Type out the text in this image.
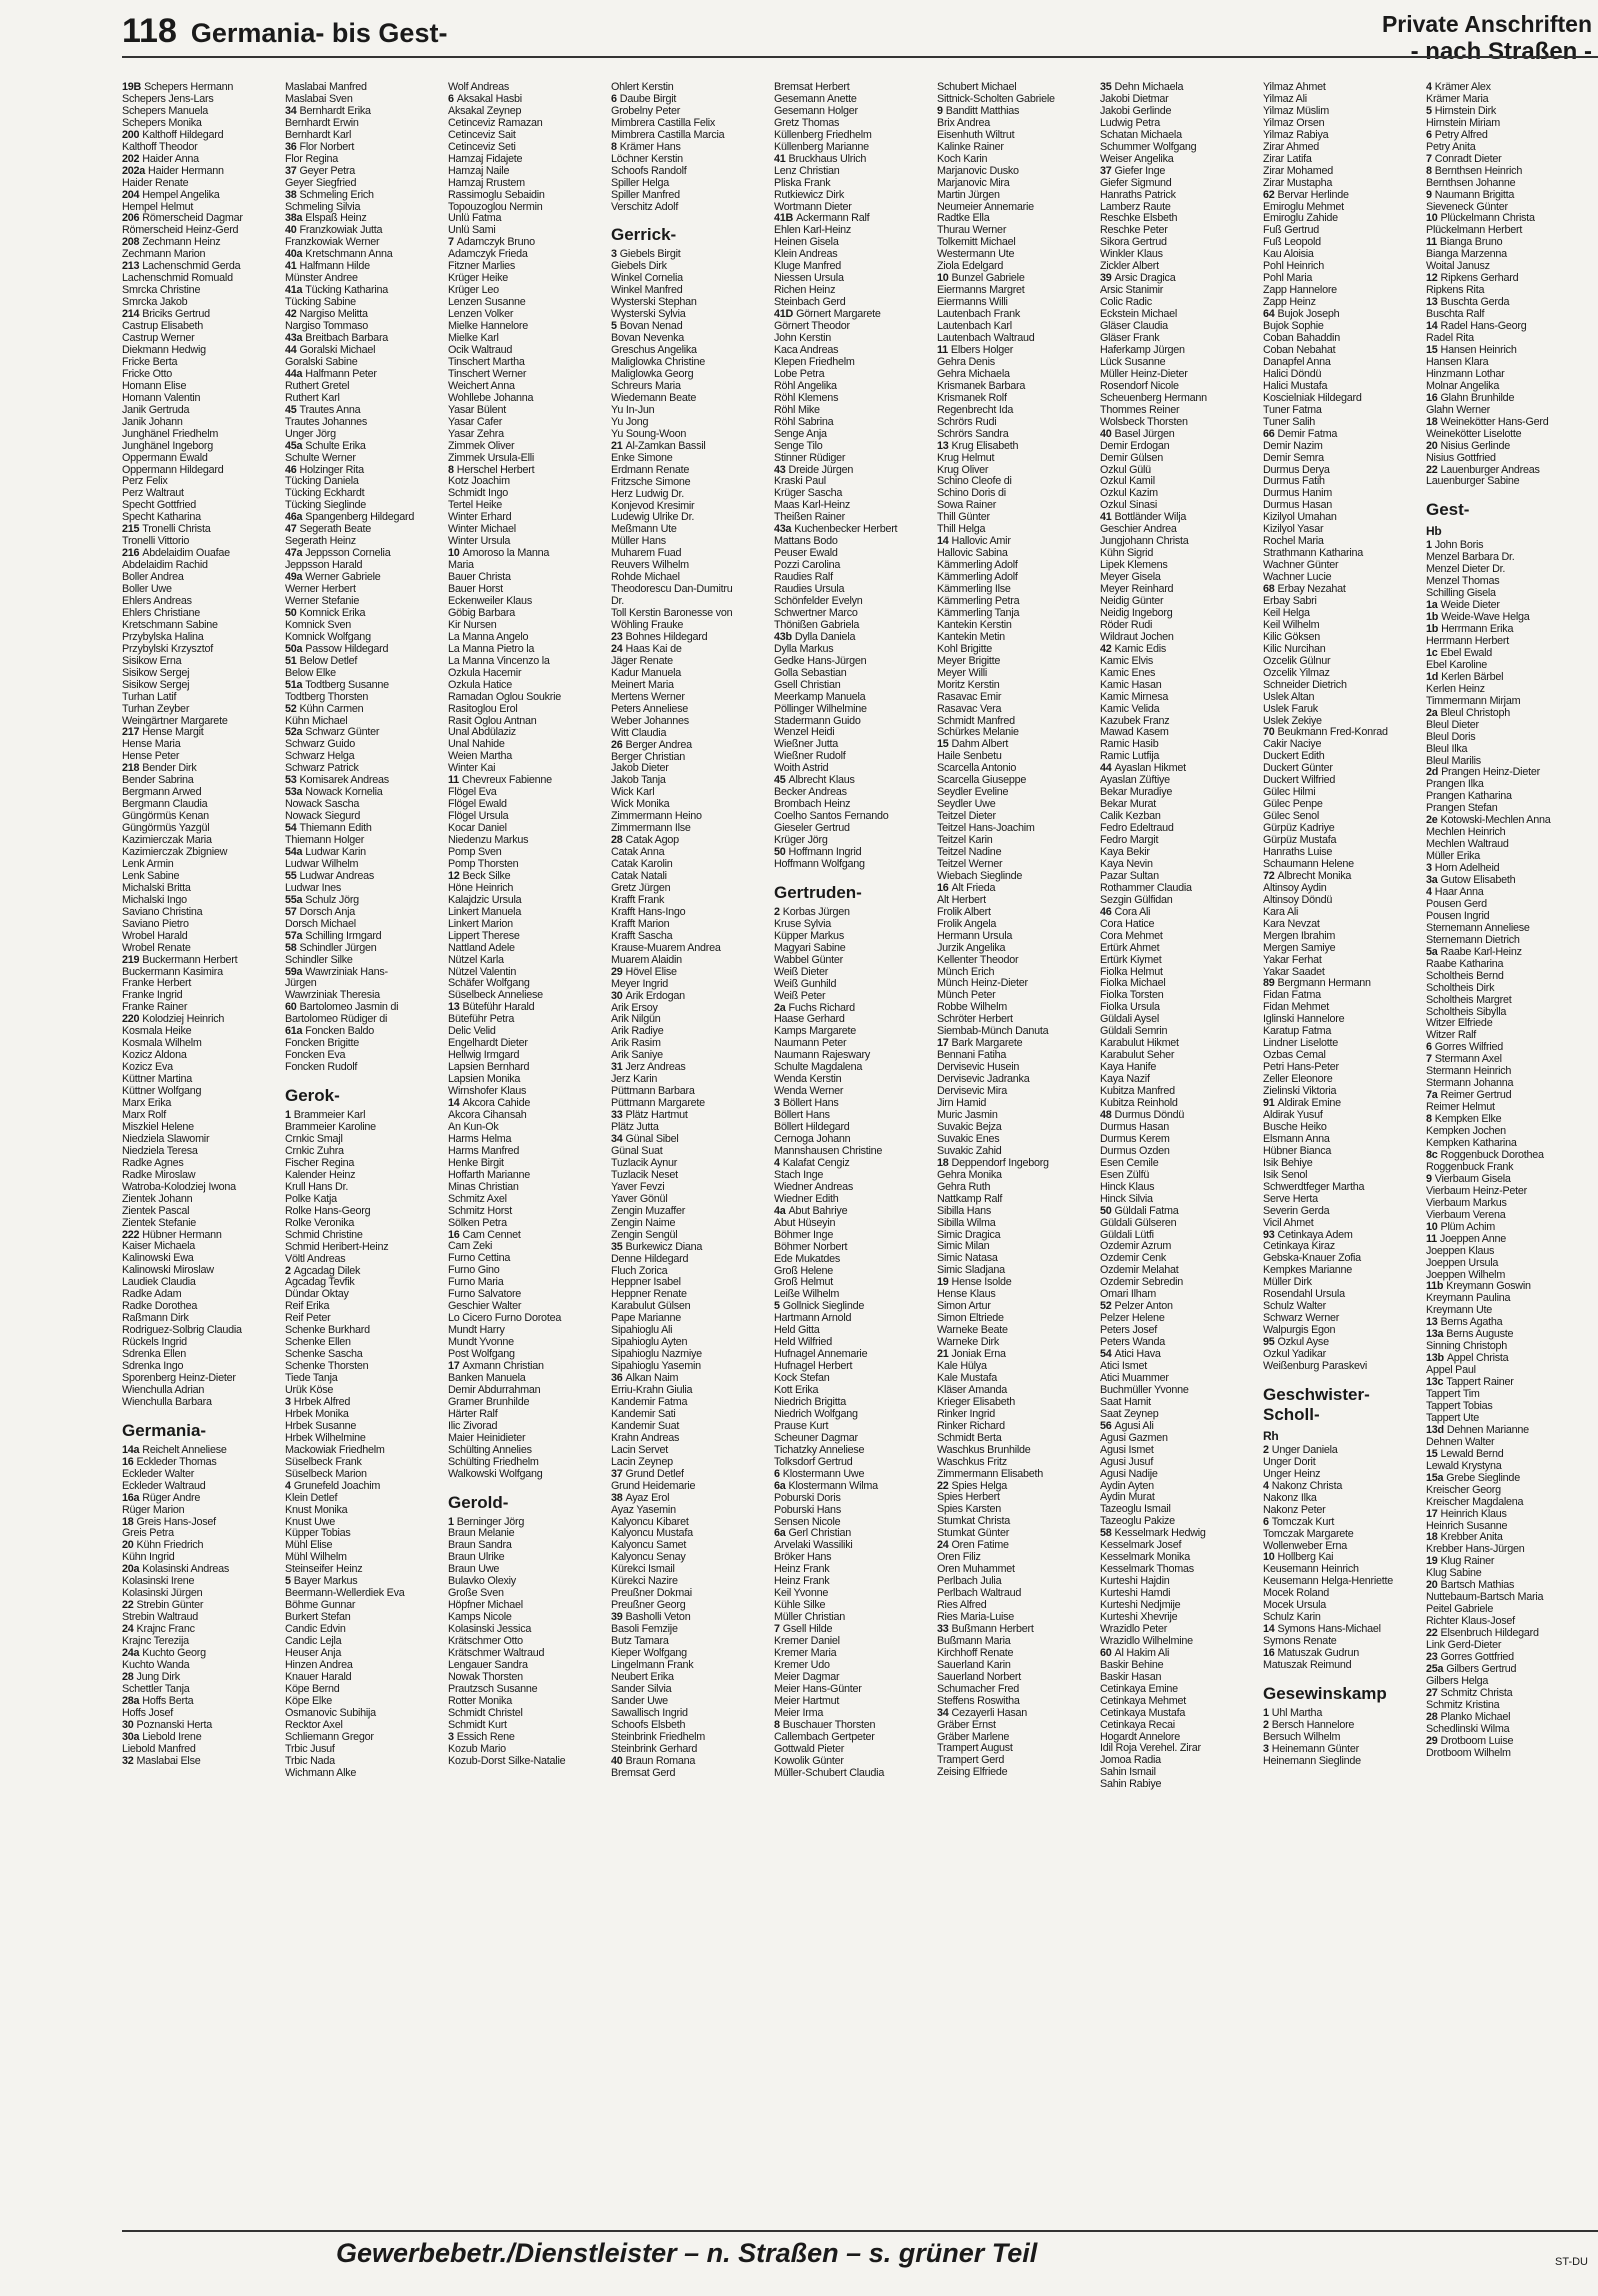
118 Germania- bis Gest-	Private Anschriften
- nach Straßen -
19B Schepers Hermann
Schepers Jens-Lars
Schepers Manuela
Schepers Monika
200 Kalthoff Hildegard
Kalthoff Theodor
202 Haider Anna
202a Haider Hermann
Haider Renate
204 Hempel Angelika
Hempel Helmut
206 Römerscheid Dagmar
Römerscheid Heinz-Gerd
208 Zechmann Heinz
Zechmann Marion
213 Lachenschmid Gerda
Lachenschmid Romuald
Smrcka Christine
Smrcka Jakob
214 Briciks Gertrud
Castrup Elisabeth
Castrup Werner
Diekmann Hedwig
Fricke Berta
Fricke Otto
Homann Elise
Homann Valentin
Janik Gertruda
Janik Johann
Junghänel Friedhelm
Junghänel Ingeborg
Oppermann Ewald
Oppermann Hildegard
Perz Felix
Perz Waltraut
Specht Gottfried
Specht Katharina
215 Tronelli Christa
Tronelli Vittorio
216 Abdelaidim Ouafae
Abdelaidim Rachid
Boller Andrea
Boller Uwe
Ehlers Andreas
Ehlers Christiane
Kretschmann Sabine
Przybylska Halina
Przybylski Krzysztof
Sisikow Erna
Sisikow Sergej
Sisikow Sergej
Turhan Latif
Turhan Zeyber
Weingärtner Margarete
217 Hense Margit
Hense Maria
Hense Peter
218 Bender Dirk
Bender Sabrina
Bergmann Arwed
Bergmann Claudia
Güngörmüs Kenan
Güngörmüs Yazgül
Kazimierczak Maria
Kazimierczak Zbigniew
Lenk Armin
Lenk Sabine
Michalski Britta
Michalski Ingo
Saviano Christina
Saviano Pietro
Wrobel Harald
Wrobel Renate
219 Buckermann Herbert
Buckermann Kasimira
Franke Herbert
Franke Ingrid
Franke Rainer
220 Kolodziej Heinrich
Kosmala Heike
Kosmala Wilhelm
Kozicz Aldona
Kozicz Eva
Küttner Martina
Küttner Wolfgang
Marx Erika
Marx Rolf
Miszkiel Helene
Niedziela Slawomir
Niedziela Teresa
Radke Agnes
Radke Miroslaw
Watroba-Kolodziej Iwona
Zientek Johann
Zientek Pascal
Zientek Stefanie
222 Hübner Hermann
Kaiser Michaela
Kalinowski Ewa
Kalinowski Miroslaw
Laudiek Claudia
Radke Adam
Radke Dorothea
Raßmann Dirk
Rodriguez-Solbrig Claudia
Rückels Ingrid
Sdrenka Ellen
Sdrenka Ingo
Sporenberg Heinz-Dieter
Wienchulla Adrian
Wienchulla Barbara
Germania-
14a Reichelt Anneliese
16 Eckleder Thomas
Eckleder Walter
Eckleder Waltraud
16a Rüger Andre
Rüger Marion
18 Greis Hans-Josef
Greis Petra
20 Kühn Friedrich
Kühn Ingrid
20a Kolasinski Andreas
Kolasinski Irene
Kolasinski Jürgen
22 Strebin Günter
Strebin Waltraud
24 Krajnc Franc
Krajnc Terezija
24a Kuchto Georg
Kuchto Wanda
28 Jung Dirk
Schettler Tanja
28a Hoffs Berta
Hoffs Josef
30 Poznanski Herta
30a Liebold Irene
Liebold Manfred
32 Maslabai Else
Maslabai Manfred
Maslabai Sven
34 Bernhardt Erika
Bernhardt Erwin
Bernhardt Karl
36 Flor Norbert
Flor Regina
37 Geyer Petra
Geyer Siegfried
38 Schmeling Erich
Schmeling Silvia
38a Elspaß Heinz
40 Franzkowiak Jutta
Franzkowiak Werner
40a Kretschmann Anna
41 Halfmann Hilde
Münster Andree
41a Tücking Katharina
Tücking Sabine
42 Nargiso Melitta
Nargiso Tommaso
43a Breitbach Barbara
44 Goralski Michael
Goralski Sabine
44a Halfmann Peter
Ruthert Gretel
Ruthert Karl
45 Trautes Anna
Trautes Johannes
Unger Jörg
45a Schulte Erika
Schulte Werner
46 Holzinger Rita
Tücking Daniela
Tücking Eckhardt
Tücking Sieglinde
46a Spangenberg Hildegard
47 Segerath Beate
Segerath Heinz
47a Jeppsson Cornelia
Jeppsson Harald
49a Werner Gabriele
Werner Herbert
Werner Stefanie
50 Komnick Erika
Komnick Sven
Komnick Wolfgang
50a Passow Hildegard
51 Below Detlef
Below Elke
51a Todtberg Susanne
Todtberg Thorsten
52 Kühn Carmen
Kühn Michael
52a Schwarz Günter
Schwarz Guido
Schwarz Helga
Schwarz Patrick
53 Komisarek Andreas
53a Nowack Kornelia
Nowack Sascha
Nowack Siegurd
54 Thiemann Edith
Thiemann Holger
54a Ludwar Karin
Ludwar Wilhelm
55 Ludwar Andreas
Ludwar Ines
55a Schulz Jörg
57 Dorsch Anja
Dorsch Michael
57a Schilling Irmgard
58 Schindler Jürgen
Schindler Silke
59a Wawrziniak Hans-
Jürgen
Wawrziniak Theresia
60 Bartolomeo Jasmin di
Bartolomeo Rüdiger di
61a Foncken Baldo
Foncken Brigitte
Foncken Eva
Foncken Rudolf
Gerok-
1 Brammeier Karl
Brammeier Karoline
Crnkic Smajl
Crnkic Zuhra
Fischer Regina
Kalender Heinz
Krull Hans Dr.
Polke Katja
Rolke Hans-Georg
Rolke Veronika
Schmid Christine
Schmid Heribert-Heinz
Völtl Andreas
2 Agcadag Dilek
Agcadag Tevfik
Dündar Oktay
Reif Erika
Reif Peter
Schenke Burkhard
Schenke Ellen
Schenke Sascha
Schenke Thorsten
Tiede Tanja
Ürük Köse
3 Hrbek Alfred
Hrbek Monika
Hrbek Susanne
Hrbek Wilhelmine
Mackowiak Friedhelm
Süselbeck Frank
Süselbeck Marion
4 Grunefeld Joachim
Klein Detlef
Knust Monika
Knust Uwe
Küpper Tobias
Mühl Elise
Mühl Wilhelm
Steinseifer Heinz
5 Bayer Markus
Beermann-Wellerdiek Eva
Böhme Gunnar
Burkert Stefan
Candic Edvin
Candic Lejla
Heuser Anja
Hinzen Andrea
Knauer Harald
Köpe Bernd
Köpe Elke
Osmanovic Subihija
Recktor Axel
Schliemann Gregor
Trbic Jusuf
Trbic Nada
Wichmann Alke
Wolf Andreas
6 Aksakal Hasbi
Aksakal Zeynep
Cetinceviz Ramazan
Cetinceviz Sait
Cetinceviz Seti
Hamzaj Fidajete
Hamzaj Naile
Hamzaj Rrustem
Rassimoglu Sebaidin
Topouzoglou Nermin
Ünlü Fatma
Ünlü Sami
7 Adamczyk Bruno
Adamczyk Frieda
Fitzner Marlies
Krüger Heike
Krüger Leo
Lenzen Susanne
Lenzen Volker
Mielke Hannelore
Mielke Karl
Ocik Waltraud
Tinschert Martha
Tinschert Werner
Weichert Anna
Wohllebe Johanna
Yasar Bülent
Yasar Cafer
Yasar Zehra
Zimmek Oliver
Zimmek Ursula-Elli
8 Herschel Herbert
Kotz Joachim
Schmidt Ingo
Tertel Heike
Winter Erhard
Winter Michael
Winter Ursula
10 Amoroso la Manna
Maria
Bauer Christa
Bauer Horst
Eckenweiler Klaus
Göbig Barbara
Kir Nursen
La Manna Angelo
La Manna Pietro la
La Manna Vincenzo la
Özkula Hacemir
Özkula Hatice
Ramadan Oglou Soukrie
Rasitoglou Erol
Rasit Oglou Antnan
Ünal Abdülaziz
Ünal Nahide
Weien Martha
Winter Kai
11 Chevreux Fabienne
Flögel Eva
Flögel Ewald
Flögel Ursula
Kocar Daniel
Niedenzu Markus
Pomp Sven
Pomp Thorsten
12 Beck Silke
Höne Heinrich
Kalajdzic Ursula
Linkert Manuela
Linkert Marion
Lippert Therese
Nattland Adele
Nützel Karla
Nützel Valentin
Schäfer Wolfgang
Süselbeck Anneliese
13 Büteführ Harald
Büteführ Petra
Delic Velid
Engelhardt Dieter
Hellwig Irmgard
Lapsien Bernhard
Lapsien Monika
Wirnshofer Klaus
14 Akcora Cahide
Akcora Cihansah
An Kun-Ok
Harms Helma
Harms Manfred
Henke Birgit
Hoffarth Marianne
Minas Christian
Schmitz Axel
Schmitz Horst
Sölken Petra
16 Cam Cennet
Cam Zeki
Furno Cettina
Furno Gino
Furno Maria
Furno Salvatore
Geschier Walter
Lo Cicero Furno Dorotea
Mundt Harry
Mundt Yvonne
Post Wolfgang
17 Axmann Christian
Banken Manuela
Demir Abdurrahman
Gramer Brunhilde
Härter Ralf
Ilic Zivorad
Maier Heinidieter
Schülting Annelies
Schülting Friedhelm
Walkowski Wolfgang
Gerold-
1 Berninger Jörg
Braun Melanie
Braun Sandra
Braun Ulrike
Braun Uwe
Bulavko Olexiy
Große Sven
Höpfner Michael
Kamps Nicole
Kolasinski Jessica
Krätschmer Otto
Krätschmer Waltraud
Lengauer Sandra
Nowak Thorsten
Prautzsch Susanne
Rotter Monika
Schmidt Christel
Schmidt Kurt
3 Essich Rene
Kozub Mario
Kozub-Dorst Silke-Natalie
Ohlert Kerstin
6 Daube Birgit
Grobelny Peter
Mimbrera Castilla Felix
Mimbrera Castilla Marcia
8 Krämer Hans
Löchner Kerstin
Schoofs Randolf
Spiller Helga
Spiller Manfred
Verschitz Adolf
Gerrick-
3 Giebels Birgit
Giebels Dirk
Winkel Cornelia
Winkel Manfred
Wysterski Stephan
Wysterski Sylvia
5 Bovan Nenad
Bovan Nevenka
Greschus Angelika
Maliglowka Christine
Maliglowka Georg
Schreurs Maria
Wiedemann Beate
Yu In-Jun
Yu Jong
Yu Soung-Woon
21 Al-Zamkan Bassil
Enke Simone
Erdmann Renate
Fritzsche Simone
Herz Ludwig Dr.
Konjevod Kresimir
Ludewig Ulrike Dr.
Meßmann Ute
Müller Hans
Muharem Fuad
Reuvers Wilhelm
Rohde Michael
Theodorescu Dan-Dumitru
Dr.
Toll Kerstin Baronesse von
Wöhling Frauke
23 Bohnes Hildegard
24 Haas Kai de
Jäger Renate
Kadur Manuela
Meinert Maria
Mertens Werner
Peters Anneliese
Weber Johannes
Witt Claudia
26 Berger Andrea
Berger Christian
Jakob Dieter
Jakob Tanja
Wick Karl
Wick Monika
Zimmermann Heino
Zimmermann Ilse
28 Catak Agop
Catak Anna
Catak Karolin
Catak Natali
Gretz Jürgen
Krafft Frank
Krafft Hans-Ingo
Krafft Marion
Krafft Sascha
Krause-Muarem Andrea
Muarem Alaidin
29 Hövel Elise
Meyer Ingrid
30 Arik Erdogan
Arik Ersoy
Arik Nilgün
Arik Radiye
Arik Rasim
Arik Saniye
31 Jerz Andreas
Jerz Karin
Püttmann Barbara
Püttmann Margarete
33 Plätz Hartmut
Plätz Jutta
34 Günal Sibel
Günal Suat
Tuzlacik Aynur
Tuzlacik Neset
Yaver Fevzi
Yaver Gönül
Zengin Muzaffer
Zengin Naime
Zengin Sengül
35 Burkewicz Diana
Denne Hildegard
Fluch Zorica
Heppner Isabel
Heppner Renate
Karabulut Gülsen
Pape Marianne
Sipahioglu Ali
Sipahioglu Ayten
Sipahioglu Nazmiye
Sipahioglu Yasemin
36 Alkan Naim
Erriu-Krahn Giulia
Kandemir Fatma
Kandemir Sati
Kandemir Suat
Krahn Andreas
Lacin Servet
Lacin Zeynep
37 Grund Detlef
Grund Heidemarie
38 Ayaz Erol
Ayaz Yasemin
Kalyoncu Kibaret
Kalyoncu Mustafa
Kalyoncu Samet
Kalyoncu Senay
Kürekci Ismail
Kürekci Nazire
Preußner Dokmai
Preußner Georg
39 Basholli Veton
Basoli Femzije
Butz Tamara
Kieper Wolfgang
Lingelmann Frank
Neubert Erika
Sander Silvia
Sander Uwe
Sawallisch Ingrid
Schoofs Elsbeth
Steinbrink Friedhelm
Steinbrink Gerhard
40 Braun Romana
Bremsat Gerd
Bremsat Herbert
Gesemann Anette
Gesemann Holger
Gretz Thomas
Küllenberg Friedhelm
Küllenberg Marianne
41 Bruckhaus Ulrich
Lenz Christian
Pliska Frank
Rutkiewicz Dirk
Wortmann Dieter
41B Ackermann Ralf
Ehlen Karl-Heinz
Heinen Gisela
Klein Andreas
Kluge Manfred
Niessen Ursula
Richen Heinz
Steinbach Gerd
41D Görnert Margarete
Görnert Theodor
John Kerstin
Kaca Andreas
Klepen Friedhelm
Lobe Petra
Röhl Angelika
Röhl Klemens
Röhl Mike
Röhl Sabrina
Senge Anja
Senge Tilo
Stinner Rüdiger
43 Dreide Jürgen
Kraski Paul
Krüger Sascha
Maas Karl-Heinz
Theißen Rainer
43a Kuchenbecker Herbert
Mattans Bodo
Peuser Ewald
Pozzi Carolina
Raudies Ralf
Raudies Ursula
Schönfelder Evelyn
Schwertner Marco
Thönißen Gabriela
43b Dylla Daniela
Dylla Markus
Gedke Hans-Jürgen
Golla Sebastian
Gsell Christian
Meerkamp Manuela
Pöllinger Wilhelmine
Stadermann Guido
Wenzel Heidi
Wießner Jutta
Wießner Rudolf
Woith Astrid
45 Albrecht Klaus
Becker Andreas
Brombach Heinz
Coelho Santos Fernando
Gieseler Gertrud
Krüger Jörg
50 Hoffmann Ingrid
Hoffmann Wolfgang
Gertruden-
2 Korbas Jürgen
Kruse Sylvia
Küpper Markus
Magyari Sabine
Wabbel Günter
Weiß Dieter
Weiß Gunhild
Weiß Peter
2a Fuchs Richard
Haase Gerhard
Kamps Margarete
Naumann Peter
Naumann Rajeswary
Schulte Magdalena
Wenda Kerstin
Wenda Werner
3 Böllert Hans
Böllert Hans
Böllert Hildegard
Cernoga Johann
Mannshausen Christine
4 Kalafat Cengiz
Stach Inge
Wiedner Andreas
Wiedner Edith
4a Abut Bahriye
Abut Hüseyin
Böhmer Inge
Böhmer Norbert
Ede Mukatdes
Groß Helene
Groß Helmut
Leiße Wilhelm
5 Gollnick Sieglinde
Hartmann Arnold
Held Gitta
Held Wilfried
Hufnagel Annemarie
Hufnagel Herbert
Kock Stefan
Kott Erika
Niedrich Brigitta
Niedrich Wolfgang
Prause Kurt
Scheuner Dagmar
Tichatzky Anneliese
Tolksdorf Gertrud
6 Klostermann Uwe
6a Klostermann Wilma
Poburski Doris
Poburski Hans
Sensen Nicole
6a Gerl Christian
Arvelaki Wassiliki
Bröker Hans
Heinz Frank
Heinz Frank
Keil Yvonne
Kühle Silke
Müller Christian
7 Gsell Hilde
Kremer Daniel
Kremer Maria
Kremer Udo
Meier Dagmar
Meier Hans-Günter
Meier Hartmut
Meier Irma
8 Buschauer Thorsten
Callembach Gertpeter
Gottwald Pieter
Kowolik Günter
Müller-Schubert Claudia
Schubert Michael
Sittnick-Scholten Gabriele
9 Banditt Matthias
Brix Andrea
Eisenhuth Wiltrut
Kalinke Rainer
Koch Karin
Marjanovic Dusko
Marjanovic Mira
Martin Jürgen
Neumeier Annemarie
Radtke Ella
Thurau Werner
Tolkemitt Michael
Westermann Ute
Ziola Edelgard
10 Bunzel Gabriele
Eiermanns Margret
Eiermanns Willi
Lautenbach Frank
Lautenbach Karl
Lautenbach Waltraud
11 Elbers Holger
Gehra Denis
Gehra Michaela
Krismanek Barbara
Krismanek Rolf
Regenbrecht Ida
Schrörs Rudi
Schrörs Sandra
13 Krug Elisabeth
Krug Helmut
Krug Oliver
Schino Cleofe di
Schino Doris di
Sowa Rainer
Thill Günter
Thill Helga
14 Hallovic Amir
Hallovic Sabina
Kämmerling Adolf
Kämmerling Adolf
Kämmerling Ilse
Kämmerling Petra
Kämmerling Tanja
Kantekin Kerstin
Kantekin Metin
Kohl Brigitte
Meyer Brigitte
Meyer Willi
Moritz Kerstin
Rasavac Emir
Rasavac Vera
Schmidt Manfred
Schürkes Melanie
15 Dahm Albert
Haile Senbetu
Scarcella Antonio
Scarcella Giuseppe
Seydler Eveline
Seydler Uwe
Teitzel Dieter
Teitzel Hans-Joachim
Teitzel Karin
Teitzel Nadine
Teitzel Werner
Wiebach Sieglinde
16 Alt Frieda
Alt Herbert
Frolik Albert
Frolik Angela
Hermann Ursula
Jurzik Angelika
Kellenter Theodor
Münch Erich
Münch Heinz-Dieter
Münch Peter
Robbe Wilhelm
Schröter Herbert
Siembab-Münch Danuta
17 Bark Margarete
Bennani Fatiha
Dervisevic Husein
Dervisevic Jadranka
Dervisevic Mira
Jirn Hamid
Muric Jasmin
Suvakic Bejza
Suvakic Enes
Suvakic Zahid
18 Deppendorf Ingeborg
Gehra Monika
Gehra Ruth
Nattkamp Ralf
Sibilla Hans
Sibilla Wilma
Simic Dragica
Simic Milan
Simic Natasa
Simic Sladjana
19 Hense Isolde
Hense Klaus
Simon Artur
Simon Eltriede
Warneke Beate
Warneke Dirk
21 Joniak Erna
Kale Hülya
Kale Mustafa
Kläser Amanda
Krieger Elisabeth
Rinker Ingrid
Rinker Richard
Schmidt Berta
Waschkus Brunhilde
Waschkus Fritz
Zimmermann Elisabeth
22 Spies Helga
Spies Herbert
Spies Karsten
Stumkat Christa
Stumkat Günter
24 Oren Fatime
Oren Filiz
Oren Muhammet
Perlbach Julia
Perlbach Waltraud
Ries Alfred
Ries Maria-Luise
33 Bußmann Herbert
Bußmann Maria
Kirchhoff Renate
Sauerland Karin
Sauerland Norbert
Schumacher Fred
Steffens Roswitha
34 Cezayerli Hasan
Gräber Ernst
Gräber Marlene
Trampert August
Trampert Gerd
Zeising Elfriede
35 Dehn Michaela
Jakobi Dietmar
Jakobi Gerlinde
Ludwig Petra
Schatan Michaela
Schummer Wolfgang
Weiser Angelika
37 Giefer Inge
Giefer Sigmund
Hanraths Patrick
Lamberz Raute
Reschke Elsbeth
Reschke Peter
Sikora Gertrud
Winkler Klaus
Zickler Albert
39 Arsic Dragica
Arsic Stanimir
Colic Radic
Eckstein Michael
Gläser Claudia
Gläser Frank
Haferkamp Jürgen
Lück Susanne
Müller Heinz-Dieter
Rosendorf Nicole
Scheuenberg Hermann
Thommes Reiner
Wolsbeck Thorsten
40 Basel Jürgen
Demir Erdogan
Demir Gülsen
Özkul Gülü
Özkul Kamil
Özkul Kazim
Özkul Sinasi
41 Bottländer Wilja
Geschier Andrea
Jungjohann Christa
Kühn Sigrid
Lipek Klemens
Meyer Gisela
Meyer Reinhard
Neidig Günter
Neidig Ingeborg
Röder Rudi
Wildraut Jochen
42 Kamic Edis
Kamic Elvis
Kamic Enes
Kamic Hasan
Kamic Mirnesa
Kamic Velida
Kazubek Franz
Mawad Kasem
Ramic Hasib
Ramic Lutfija
44 Ayaslan Hikmet
Ayaslan Züftiye
Bekar Muradiye
Bekar Murat
Calik Kezban
Fedro Edeltraud
Fedro Margit
Kaya Bekir
Kaya Nevin
Pazar Sultan
Rothammer Claudia
Sezgin Gülfidan
46 Cora Ali
Cora Hatice
Cora Mehmet
Ertürk Ahmet
Ertürk Kiymet
Fiolka Helmut
Fiolka Michael
Fiolka Torsten
Fiolka Ursula
Güldali Aysel
Güldali Semrin
Karabulut Hikmet
Karabulut Seher
Kaya Hanife
Kaya Nazif
Kubitza Manfred
Kubitza Reinhold
48 Durmus Döndü
Durmus Hasan
Durmus Kerem
Durmus Özden
Esen Cemile
Esen Zülfü
Hinck Klaus
Hinck Silvia
50 Güldali Fatma
Güldali Gülseren
Güldali Lütfi
Özdemir Azrum
Özdemir Cenk
Özdemir Melahat
Özdemir Sebredin
Omari Ilham
52 Pelzer Anton
Pelzer Helene
Peters Josef
Peters Wanda
54 Atici Hava
Atici Ismet
Atici Muammer
Buchmüller Yvonne
Saat Hamit
Saat Zeynep
56 Agusi Ali
Agusi Gazmen
Agusi Ismet
Agusi Jusuf
Agusi Nadije
Aydin Ayten
Aydin Murat
Tazeoglu Ismail
Tazeoglu Pakize
58 Kesselmark Hedwig
Kesselmark Josef
Kesselmark Monika
Kesselmark Thomas
Kurteshi Hajdin
Kurteshi Hamdi
Kurteshi Nedjmije
Kurteshi Xhevrije
Wrazidlo Peter
Wrazidlo Wilhelmine
60 Al Hakim Ali
Baskir Behine
Baskir Hasan
Cetinkaya Emine
Cetinkaya Mehmet
Cetinkaya Mustafa
Cetinkaya Recai
Hogardt Annelore
Idil Roja Verehel. Zirar
Jomoa Radia
Sahin Ismail
Sahin Rabiye
Yilmaz Ahmet
Yilmaz Ali
Yilmaz Müslim
Yilmaz Örsen
Yilmaz Rabiya
Zirar Ahmed
Zirar Latifa
Zirar Mohamed
Zirar Mustapha
62 Bervar Herlinde
Emiroglu Mehmet
Emiroglu Zahide
Fuß Gertrud
Fuß Leopold
Kau Aloisia
Pohl Heinrich
Pohl Maria
Zapp Hannelore
Zapp Heinz
64 Bujok Joseph
Bujok Sophie
Coban Bahaddin
Coban Nebahat
Danapfel Anna
Halici Döndü
Halici Mustafa
Koscielniak Hildegard
Tuner Fatma
Tuner Salih
66 Demir Fatma
Demir Nazim
Demir Semra
Durmus Derya
Durmus Fatih
Durmus Hanim
Durmus Hasan
Kizilyol Umahan
Kizilyol Yasar
Rochel Maria
Strathmann Katharina
Wachner Günter
Wachner Lucie
68 Erbay Nezahat
Erbay Sabri
Keil Helga
Keil Wilhelm
Kilic Göksen
Kilic Nurcihan
Özcelik Gülnur
Özcelik Yilmaz
Schneider Dietrich
Üslek Altan
Üslek Faruk
Üslek Zekiye
70 Beukmann Fred-Konrad
Cakir Naciye
Duckert Edith
Duckert Günter
Duckert Wilfried
Gülec Hilmi
Gülec Penpe
Gülec Senol
Gürpüz Kadriye
Gürpüz Mustafa
Hanraths Luise
Schaumann Helene
72 Albrecht Monika
Altinsoy Aydin
Altinsoy Döndü
Kara Ali
Kara Nevzat
Mergen Ibrahim
Mergen Samiye
Yakar Ferhat
Yakar Saadet
89 Bergmann Hermann
Fidan Fatma
Fidan Mehmet
Iglinski Hannelore
Karatup Fatma
Lindner Liselotte
Özbas Cemal
Petri Hans-Peter
Zeller Eleonore
Zielinski Viktoria
91 Aldirak Emine
Aldirak Yusuf
Busche Heiko
Elsmann Anna
Hübner Bianca
Isik Behiye
Isik Senol
Schwerdtfeger Martha
Serve Herta
Severin Gerda
Vicil Ahmet
93 Cetinkaya Adem
Cetinkaya Kiraz
Gebska-Knauer Zofia
Kempkes Marianne
Müller Dirk
Rosendahl Ursula
Schulz Walter
Schwarz Werner
Walpurgis Egon
95 Özkul Ayse
Özkul Yadikar
Weißenburg Paraskevi
Geschwister-Scholl-
Rh
2 Unger Daniela
Unger Dorit
Unger Heinz
4 Nakonz Christa
Nakonz Ilka
Nakonz Peter
6 Tomczak Kurt
Tomczak Margarete
Wollenweber Erna
10 Hollberg Kai
Keusemann Heinrich
Keusemann Helga-Henriette
Mocek Roland
Mocek Ursula
Schulz Karin
14 Symons Hans-Michael
Symons Renate
16 Matuszak Gudrun
Matuszak Reimund
Gesewinskamp
1 Uhl Martha
2 Bersch Hannelore
Bersuch Wilhelm
3 Heinemann Günter
Heinemann Sieglinde
4 Krämer Alex
Krämer Maria
5 Hirnstein Dirk
Hirnstein Miriam
6 Petry Alfred
Petry Anita
7 Conradt Dieter
8 Bernthsen Heinrich
Bernthsen Johanne
9 Naumann Brigitta
Sieveneck Günter
10 Plückelmann Christa
Plückelmann Herbert
11 Bianga Bruno
Bianga Marzenna
Woital Janusz
12 Ripkens Gerhard
Ripkens Rita
13 Buschta Gerda
Buschta Ralf
14 Radel Hans-Georg
Radel Rita
15 Hansen Heinrich
Hansen Klara
Hinzmann Lothar
Molnar Angelika
16 Glahn Brunhilde
Glahn Werner
18 Weinekötter Hans-Gerd
Weinekötter Liselotte
20 Nisius Gerlinde
Nisius Gottfried
22 Lauenburger Andreas
Lauenburger Sabine
Gest-
Hb
1 John Boris
Menzel Barbara Dr.
Menzel Dieter Dr.
Menzel Thomas
Schilling Gisela
1a Weide Dieter
1b Weide-Wave Helga
1b Herrmann Erika
Herrmann Herbert
1c Ebel Ewald
Ebel Karoline
1d Kerlen Bärbel
Kerlen Heinz
Timmermann Mirjam
2a Bleul Christoph
Bleul Dieter
Bleul Doris
Bleul Ilka
Bleul Marilis
2d Prangen Heinz-Dieter
Prangen Ilka
Prangen Katharina
Prangen Stefan
2e Kotowski-Mechlen Anna
Mechlen Heinrich
Mechlen Waltraud
Müller Erika
3 Horn Adelheid
3a Gutow Elisabeth
4 Haar Anna
Pousen Gerd
Pousen Ingrid
Sternemann Anneliese
Sternemann Dietrich
5a Raabe Karl-Heinz
Raabe Katharina
Scholtheis Bernd
Scholtheis Dirk
Scholtheis Margret
Scholtheis Sibylla
Witzer Elfriede
Witzer Ralf
6 Gorres Wilfried
7 Stermann Axel
Stermann Heinrich
Stermann Johanna
7a Reimer Gertrud
Reimer Helmut
8 Kempken Elke
Kempken Jochen
Kempken Katharina
8c Roggenbuck Dorothea
Roggenbuck Frank
9 Vierbaum Gisela
Vierbaum Heinz-Peter
Vierbaum Markus
Vierbaum Verena
10 Plüm Achim
11 Joeppen Anne
Joeppen Klaus
Joeppen Ursula
Joeppen Wilhelm
11b Kreymann Goswin
Kreymann Paulina
Kreymann Ute
13 Berns Agatha
13a Berns Auguste
Sinning Christoph
13b Appel Christa
Appel Paul
13c Tappert Rainer
Tappert Tim
Tappert Tobias
Tappert Ute
13d Dehnen Marianne
Dehnen Walter
15 Lewald Bernd
Lewald Krystyna
15a Grebe Sieglinde
Kreischer Georg
Kreischer Magdalena
17 Heinrich Klaus
Heinrich Susanne
18 Krebber Anita
Krebber Hans-Jürgen
19 Klug Rainer
Klug Sabine
20 Bartsch Mathias
Nuttebaum-Bartsch Maria
Peitel Gabriele
Richter Klaus-Josef
22 Elsenbruch Hildegard
Link Gerd-Dieter
23 Gorres Gottfried
25a Gilbers Gertrud
Gilbers Helga
27 Schmitz Christa
Schmitz Kristina
28 Planko Michael
Schedlinski Wilma
29 Drotboom Luise
Drotboom Wilhelm
Gewerbebetr./Dienstleister – n. Straßen – s. grüner Teil	ST-DU
